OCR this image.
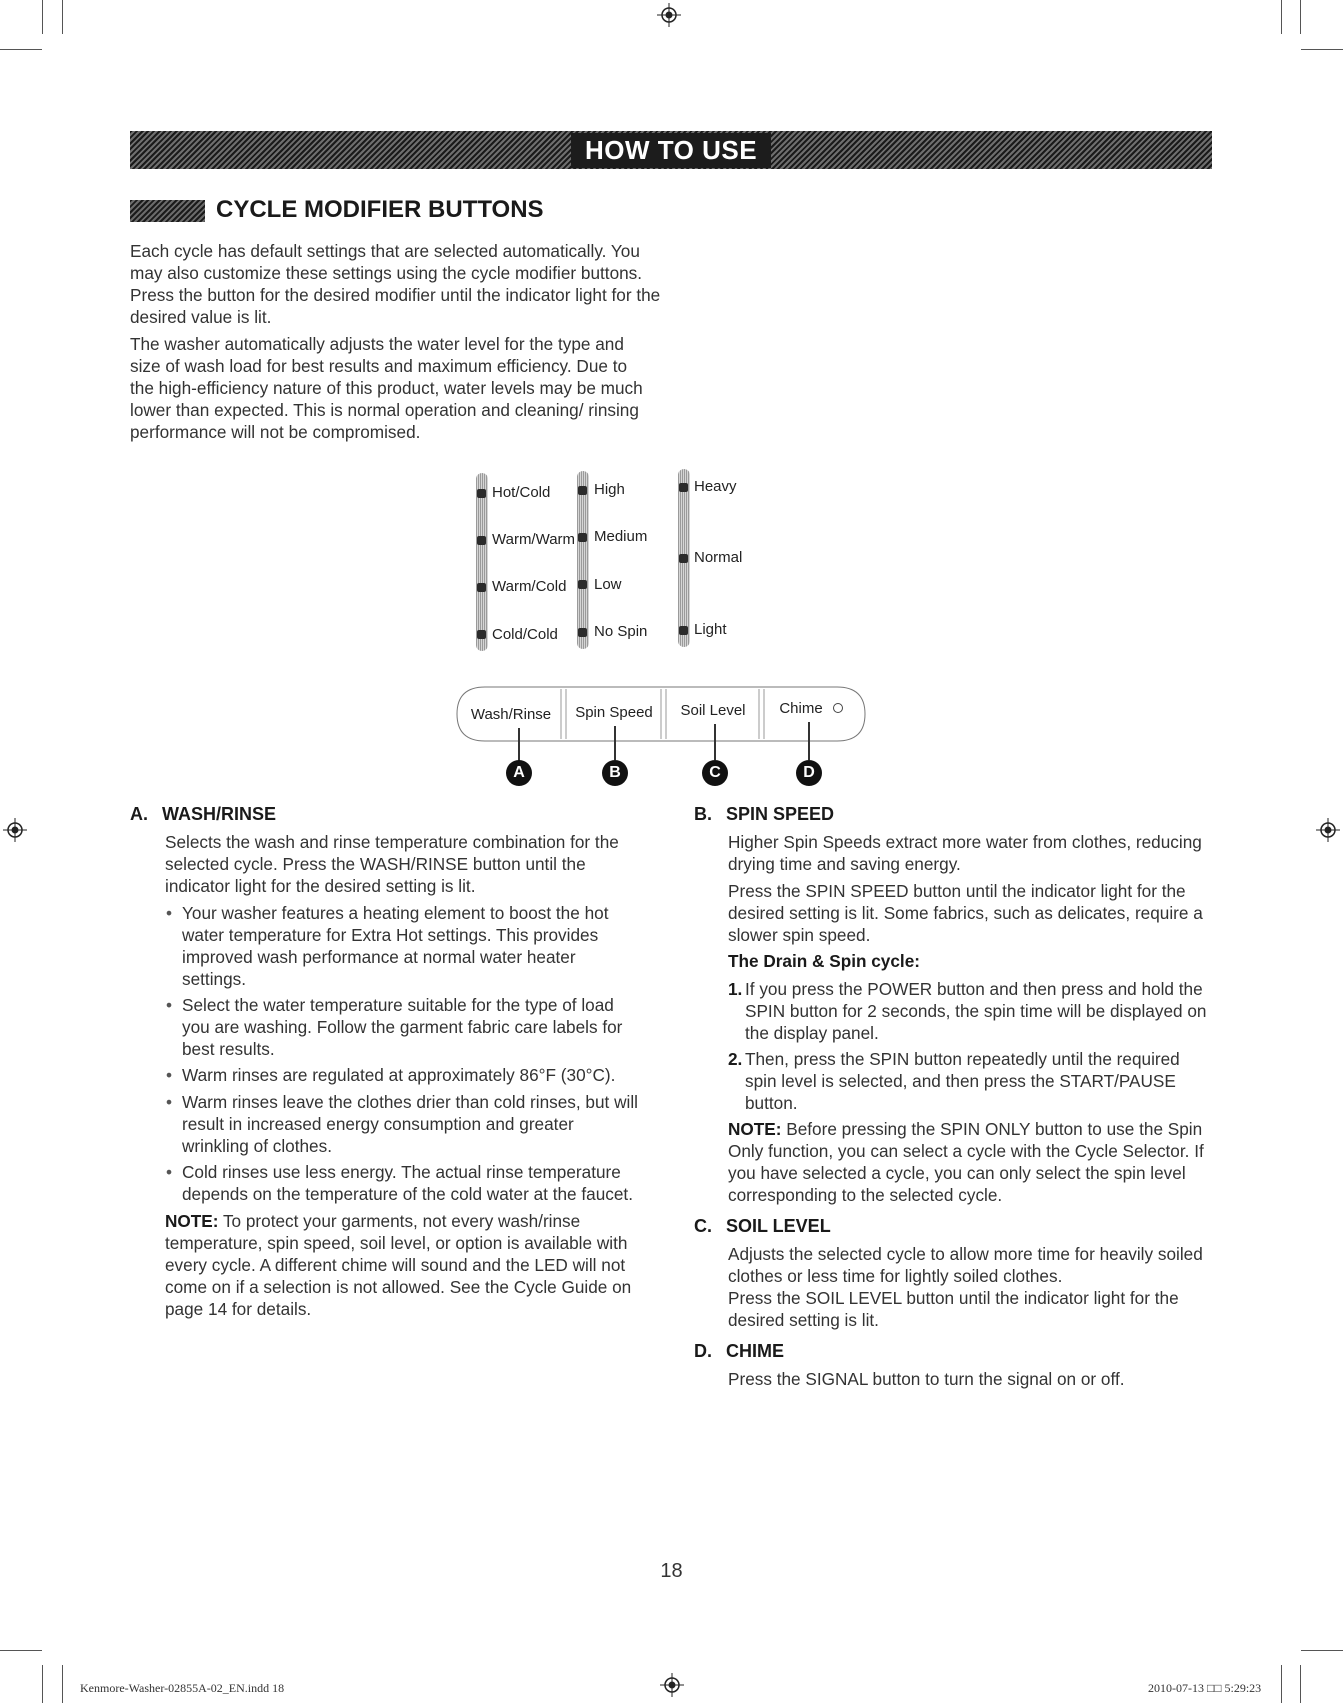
HOW TO USE
CYCLE MODIFIER BUTTONS

Each cycle has default settings that are selected automatically. You may also customize these settings using the cycle modifier buttons. Press the button for the desired modifier until the indicator light for the desired value is lit.

The washer automatically adjusts the water level for the type and size of wash load for best results and maximum efficiency. Due to the high-efficiency nature of this product, water levels may be much lower than expected. This is normal operation and cleaning/ rinsing performance will not be compromised.

Hot/Cold
Warm/Warm
Warm/Cold
Cold/Cold
High
Medium
Low
No Spin
Heavy
Normal
Light
Wash/Rinse Spin Speed Soil Level Chime
A	B	C	D
A. WASH/RINSE

Selects the wash and rinse temperature combination for the selected cycle. Press the WASH/RINSE button until the indicator light for the desired setting is lit.

• Your washer features a heating element to boost the hot water temperature for Extra Hot settings. This provides improved wash performance at normal water heater settings.
• Select the water temperature suitable for the type of load you are washing. Follow the garment fabric care labels for best results.
• Warm rinses are regulated at approximately 86°F (30°C).
• Warm rinses leave the clothes drier than cold rinses, but will result in increased energy consumption and greater wrinkling of clothes.
• Cold rinses use less energy. The actual rinse temperature depends on the temperature of the cold water at the faucet.

NOTE: To protect your garments, not every wash/rinse temperature, spin speed, soil level, or option is available with every cycle. A different chime will sound and the LED will not come on if a selection is not allowed. See the Cycle Guide on page 14 for details.

B. SPIN SPEED

Higher Spin Speeds extract more water from clothes, reducing drying time and saving energy.

Press the SPIN SPEED button until the indicator light for the desired setting is lit. Some fabrics, such as delicates, require a slower spin speed.

The Drain & Spin cycle:
1. If you press the POWER button and then press and hold the SPIN button for 2 seconds, the spin time will be displayed on the display panel.
2. Then, press the SPIN button repeatedly until the required spin level is selected, and then press the START/PAUSE button.

NOTE: Before pressing the SPIN ONLY button to use the Spin Only function, you can select a cycle with the Cycle Selector. If you have selected a cycle, you can only select the spin level corresponding to the selected cycle.

C. SOIL LEVEL

Adjusts the selected cycle to allow more time for heavily soiled clothes or less time for lightly soiled clothes.

Press the SOIL LEVEL button until the indicator light for the desired setting is lit.

D. CHIME

Press the SIGNAL button to turn the signal on or off.

18
Kenmore-Washer-02855A-02_EN.indd 18	2010-07-13 □□ 5:29:23
